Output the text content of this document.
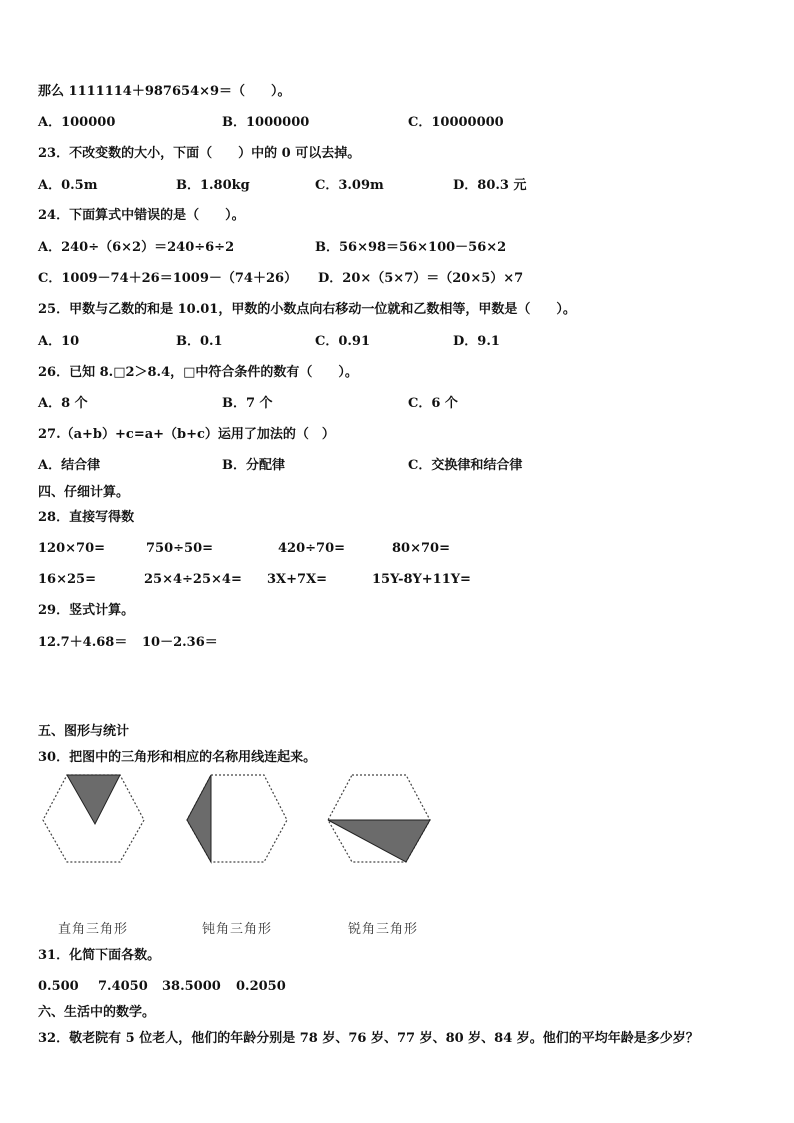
那么 1111114＋987654×9＝（　　）。
A．100000	B．1000000	C．10000000
23．不改变数的大小，下面（　　）中的 0 可以去掉。
A．0.5m	B．1.80kg	C．3.09m	D．80.3 元
24．下面算式中错误的是（　　）。
A．240÷（6×2）＝240÷6÷2	B．56×98＝56×100－56×2
C．1009－74＋26＝1009－（74＋26） D．20×（5×7）＝（20×5）×7
25．甲数与乙数的和是 10.01，甲数的小数点向右移动一位就和乙数相等，甲数是（　　）。
A．10	B．0.1	C．0.91	D．9.1
26．已知 8.□2＞8.4，□中符合条件的数有（　　）。
A．8 个	B．7 个	C．6 个
27.（a+b）+c=a+（b+c）运用了加法的（　）
A．结合律	B．分配律	C．交换律和结合律
四、仔细计算。
28．直接写得数
120×70=	750÷50=	420÷70=	80×70=
16×25=	25×4÷25×4= 3X+7X=	15Y-8Y+11Y=
29．竖式计算。
12.7＋4.68＝ 10－2.36＝
五、图形与统计
30．把图中的三角形和相应的名称用线连起来。
直角三角形	钝角三角形	锐角三角形
31．化简下面各数。
0.500 7.4050 38.5000 0.2050
六、生活中的数学。
32．敬老院有 5 位老人，他们的年龄分别是 78 岁、76 岁、77 岁、80 岁、84 岁。他们的平均年龄是多少岁？
